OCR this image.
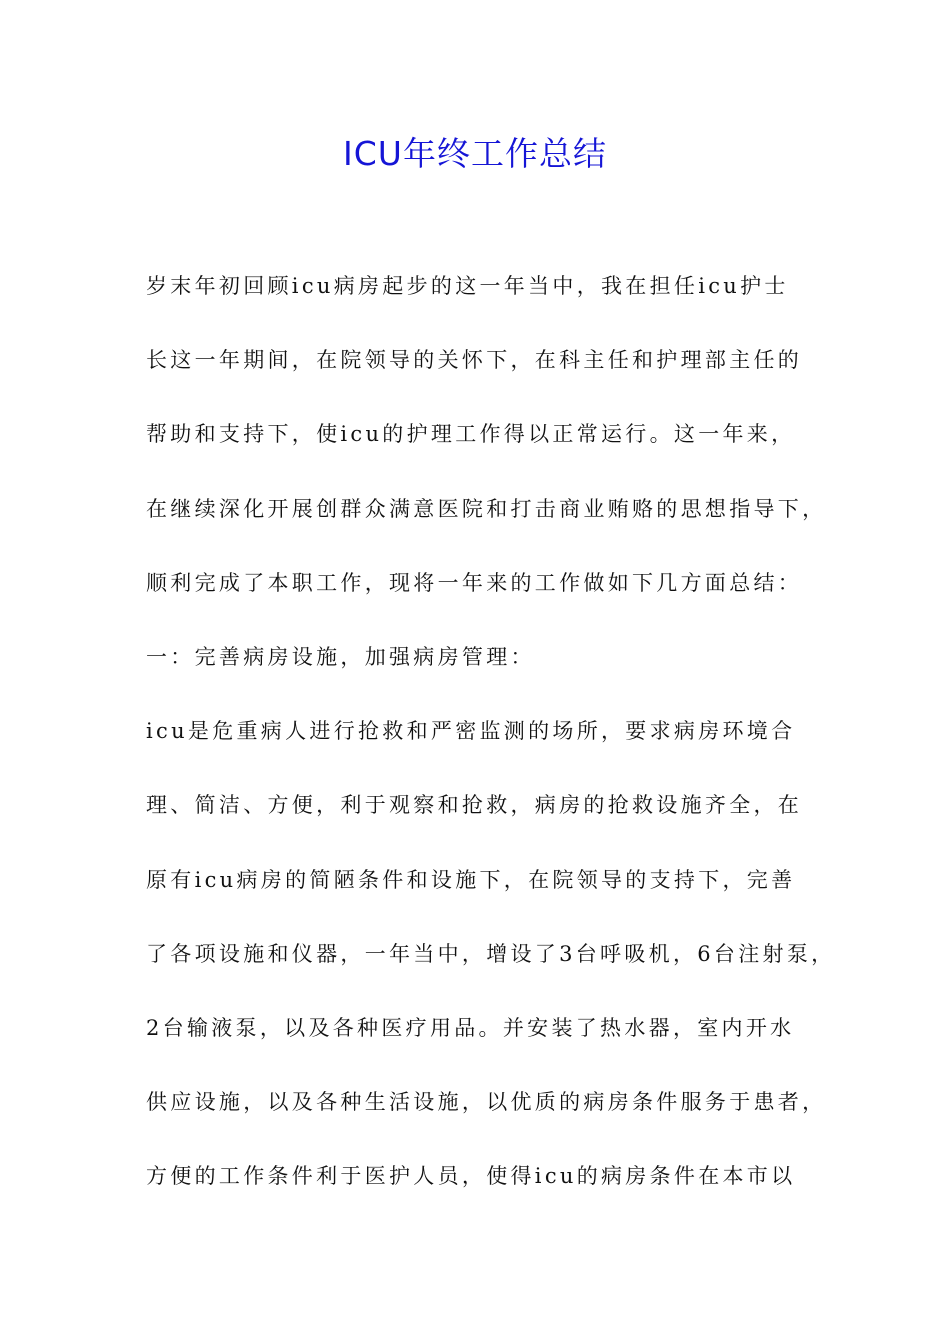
ICU年终工作总结
岁末年初回顾icu病房起步的这一年当中，我在担任icu护士
长这一年期间，在院领导的关怀下，在科主任和护理部主任的
帮助和支持下，使icu的护理工作得以正常运行。这一年来，
在继续深化开展创群众满意医院和打击商业贿赂的思想指导下，
顺利完成了本职工作，现将一年来的工作做如下几方面总结：
一：完善病房设施，加强病房管理：
icu是危重病人进行抢救和严密监测的场所，要求病房环境合
理、简洁、方便，利于观察和抢救，病房的抢救设施齐全，在
原有icu病房的简陋条件和设施下，在院领导的支持下，完善
了各项设施和仪器，一年当中，增设了3台呼吸机，6台注射泵，
2台输液泵，以及各种医疗用品。并安装了热水器，室内开水
供应设施，以及各种生活设施，以优质的病房条件服务于患者，
方便的工作条件利于医护人员，使得icu的病房条件在本市以
